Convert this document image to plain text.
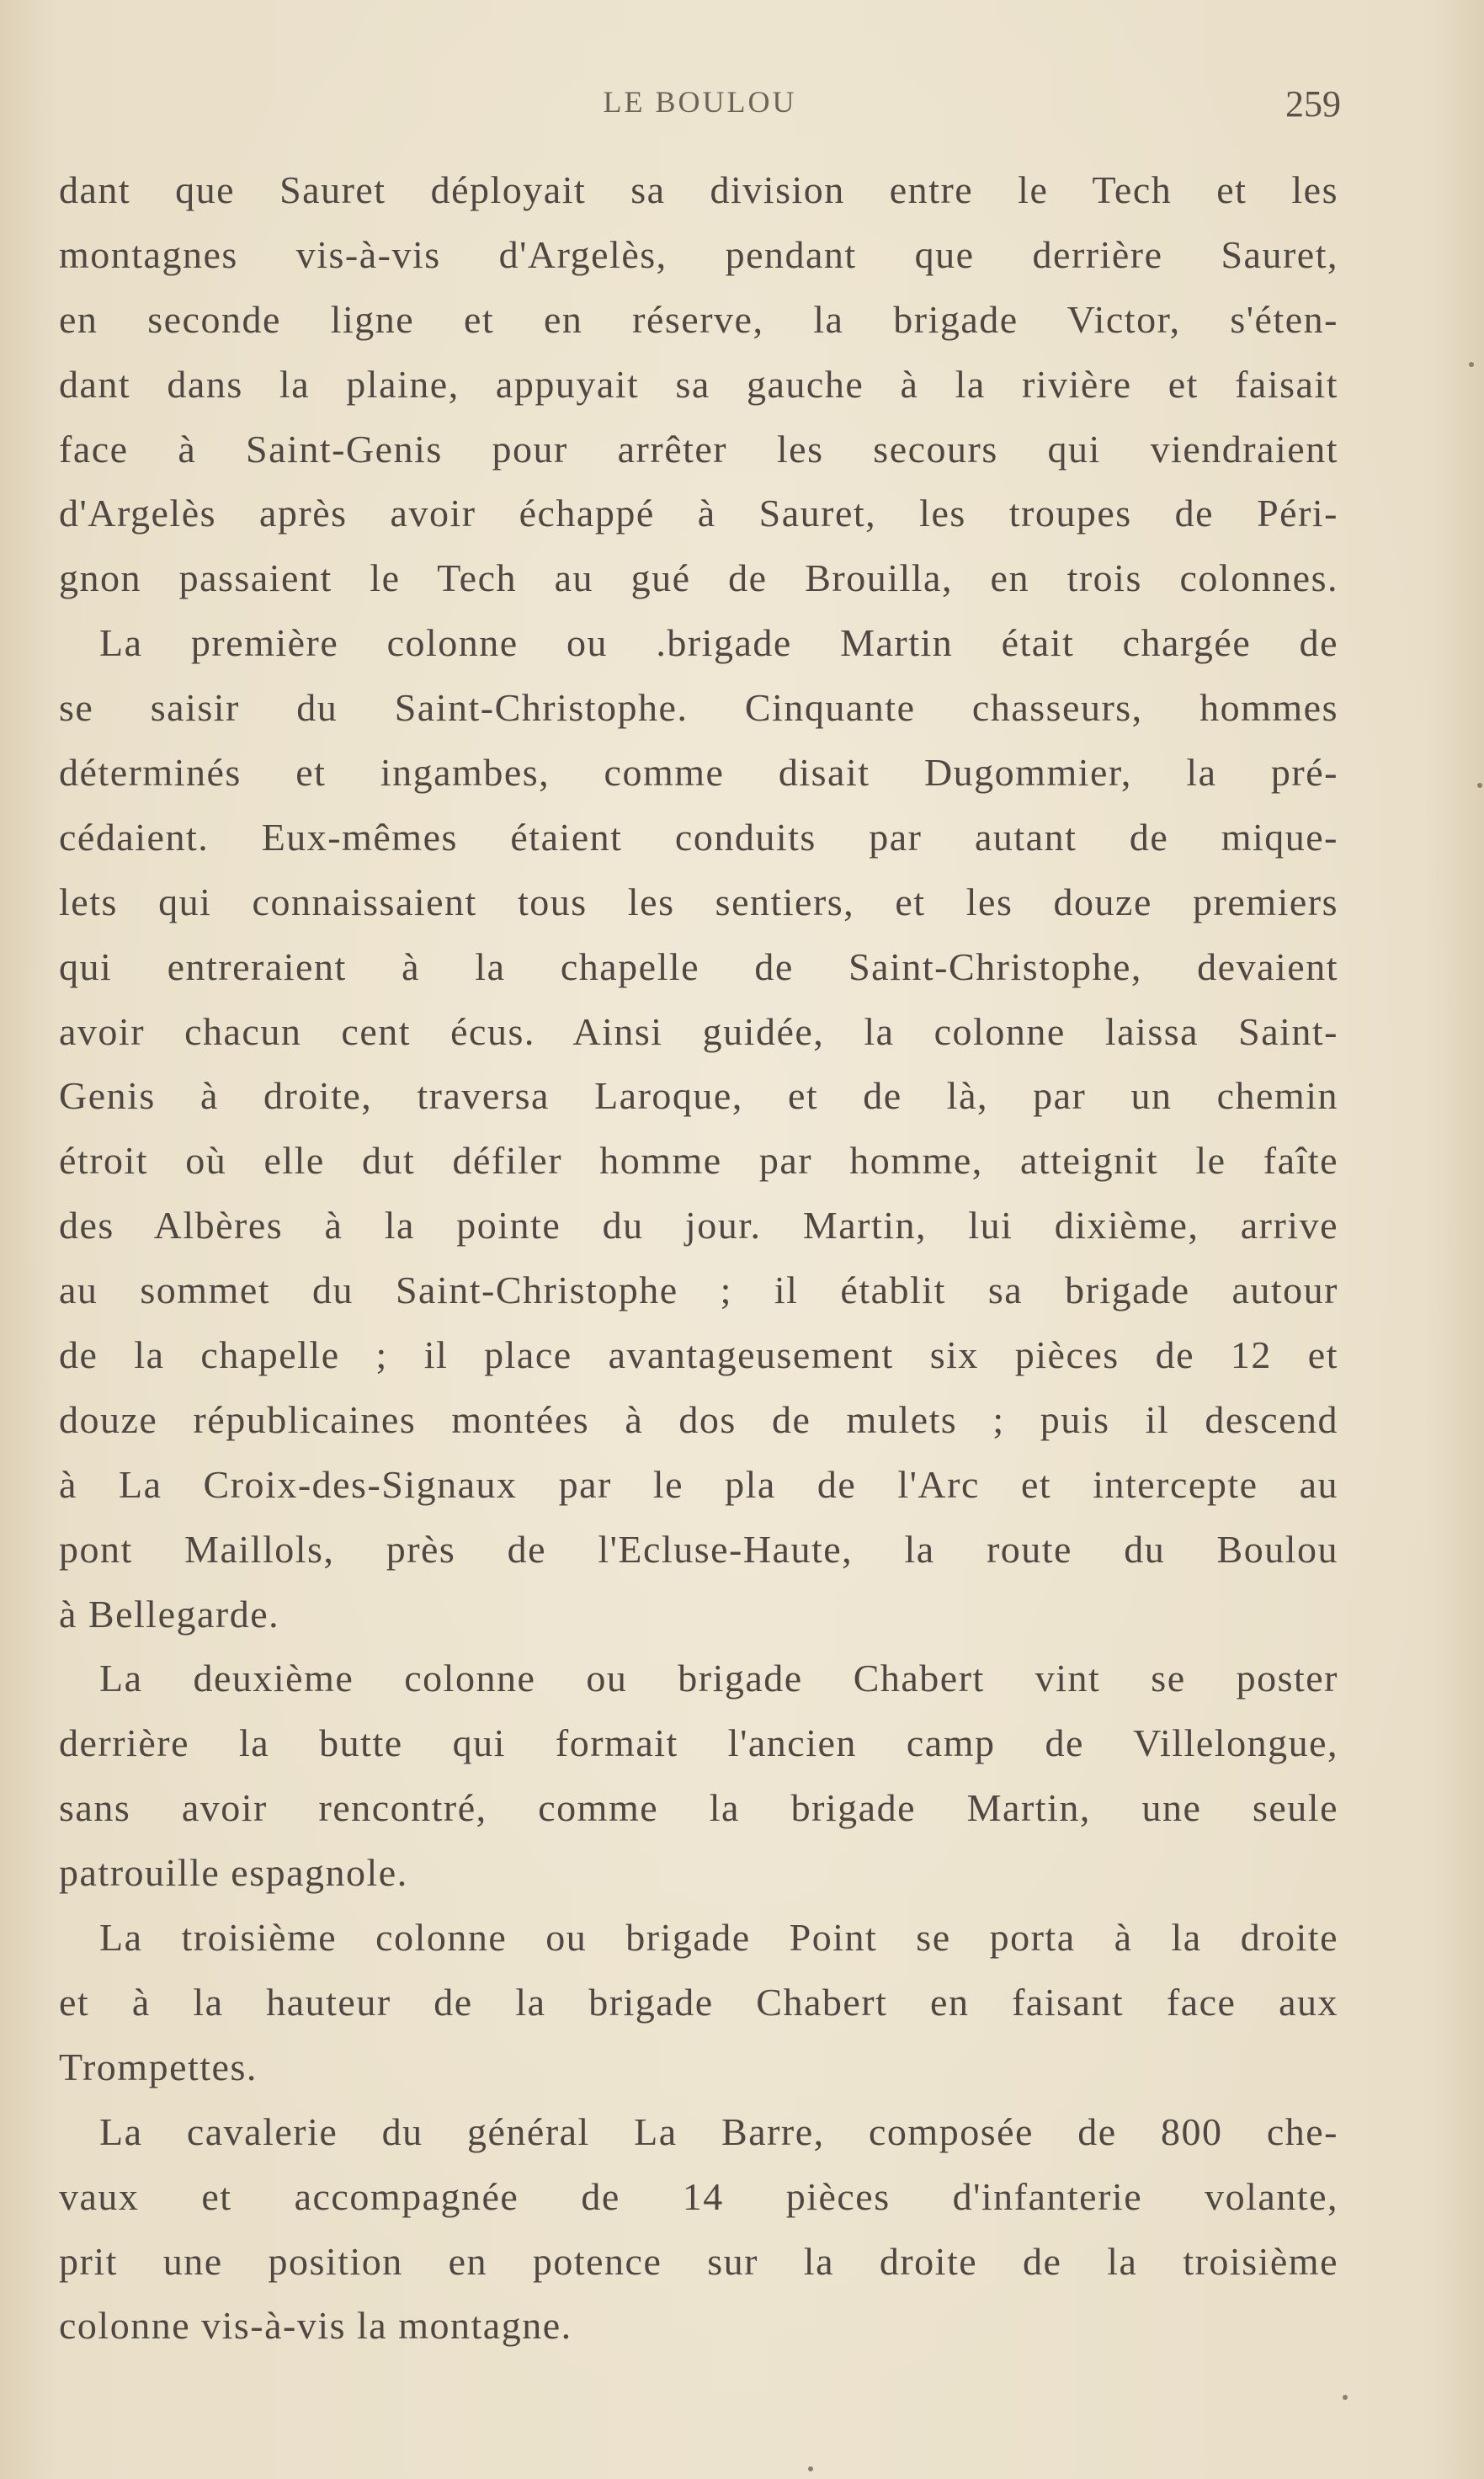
LE BOULOU	259
dant que Sauret déployait sa division entre le Tech et les
montagnes vis-à-vis d'Argelès, pendant que derrière Sauret,
en seconde ligne et en réserve, la brigade Victor, s'éten-
dant dans la plaine, appuyait sa gauche à la rivière et faisait
face à Saint-Genis pour arrêter les secours qui viendraient
d'Argelès après avoir échappé à Sauret, les troupes de Péri-
gnon passaient le Tech au gué de Brouilla, en trois colonnes.
La première colonne ou .brigade Martin était chargée de
se saisir du Saint-Christophe. Cinquante chasseurs, hommes
déterminés et ingambes, comme disait Dugommier, la pré-
cédaient. Eux-mêmes étaient conduits par autant de mique-
lets qui connaissaient tous les sentiers, et les douze premiers
qui entreraient à la chapelle de Saint-Christophe, devaient
avoir chacun cent écus. Ainsi guidée, la colonne laissa Saint-
Genis à droite, traversa Laroque, et de là, par un chemin
étroit où elle dut défiler homme par homme, atteignit le faîte
des Albères à la pointe du jour. Martin, lui dixième, arrive
au sommet du Saint-Christophe ; il établit sa brigade autour
de la chapelle ; il place avantageusement six pièces de 12 et
douze républicaines montées à dos de mulets ; puis il descend
à La Croix-des-Signaux par le pla de l'Arc et intercepte au
pont Maillols, près de l'Ecluse-Haute, la route du Boulou
à Bellegarde.
La deuxième colonne ou brigade Chabert vint se poster
derrière la butte qui formait l'ancien camp de Villelongue,
sans avoir rencontré, comme la brigade Martin, une seule
patrouille espagnole.
La troisième colonne ou brigade Point se porta à la droite
et à la hauteur de la brigade Chabert en faisant face aux
Trompettes.
La cavalerie du général La Barre, composée de 800 che-
vaux et accompagnée de 14 pièces d'infanterie volante,
prit une position en potence sur la droite de la troisième
colonne vis-à-vis la montagne.
